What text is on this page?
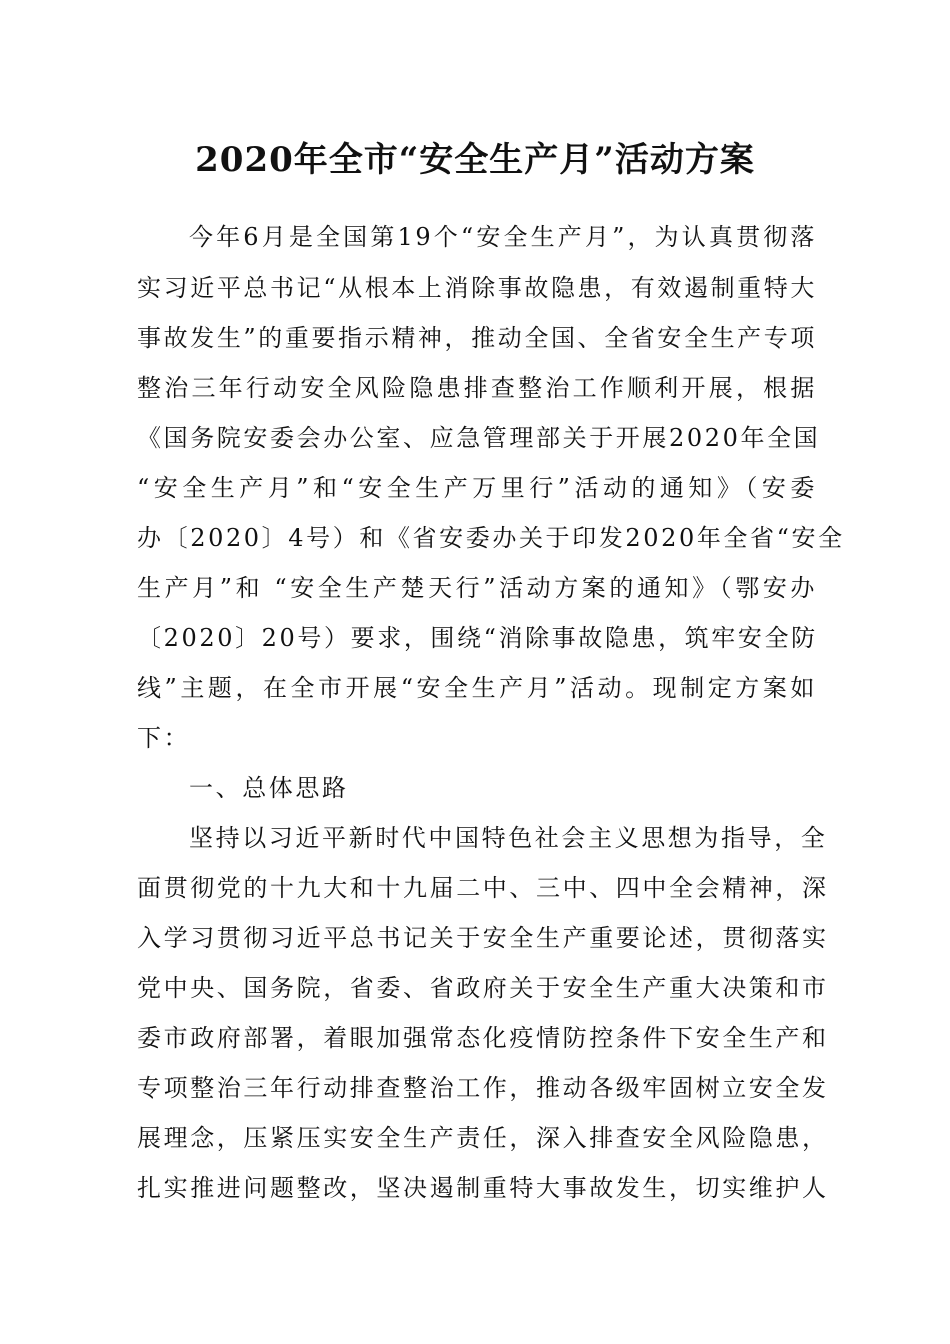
2020年全市“安全生产月”活动方案
今年6月是全国第19个“安全生产月”，为认真贯彻落
实习近平总书记“从根本上消除事故隐患，有效遏制重特大
事故发生”的重要指示精神，推动全国、全省安全生产专项
整治三年行动安全风险隐患排查整治工作顺利开展，根据
《国务院安委会办公室、应急管理部关于开展2020年全国
“安全生产月”和“安全生产万里行”活动的通知》（安委
办〔2020〕4号）和《省安委办关于印发2020年全省“安全
生产月”和 “安全生产楚天行”活动方案的通知》（鄂安办
〔2020〕20号）要求，围绕“消除事故隐患，筑牢安全防
线”主题，在全市开展“安全生产月”活动。现制定方案如
下：
一、总体思路
坚持以习近平新时代中国特色社会主义思想为指导，全
面贯彻党的十九大和十九届二中、三中、四中全会精神，深
入学习贯彻习近平总书记关于安全生产重要论述，贯彻落实
党中央、国务院，省委、省政府关于安全生产重大决策和市
委市政府部署，着眼加强常态化疫情防控条件下安全生产和
专项整治三年行动排查整治工作，推动各级牢固树立安全发
展理念，压紧压实安全生产责任，深入排查安全风险隐患，
扎实推进问题整改，坚决遏制重特大事故发生，切实维护人
